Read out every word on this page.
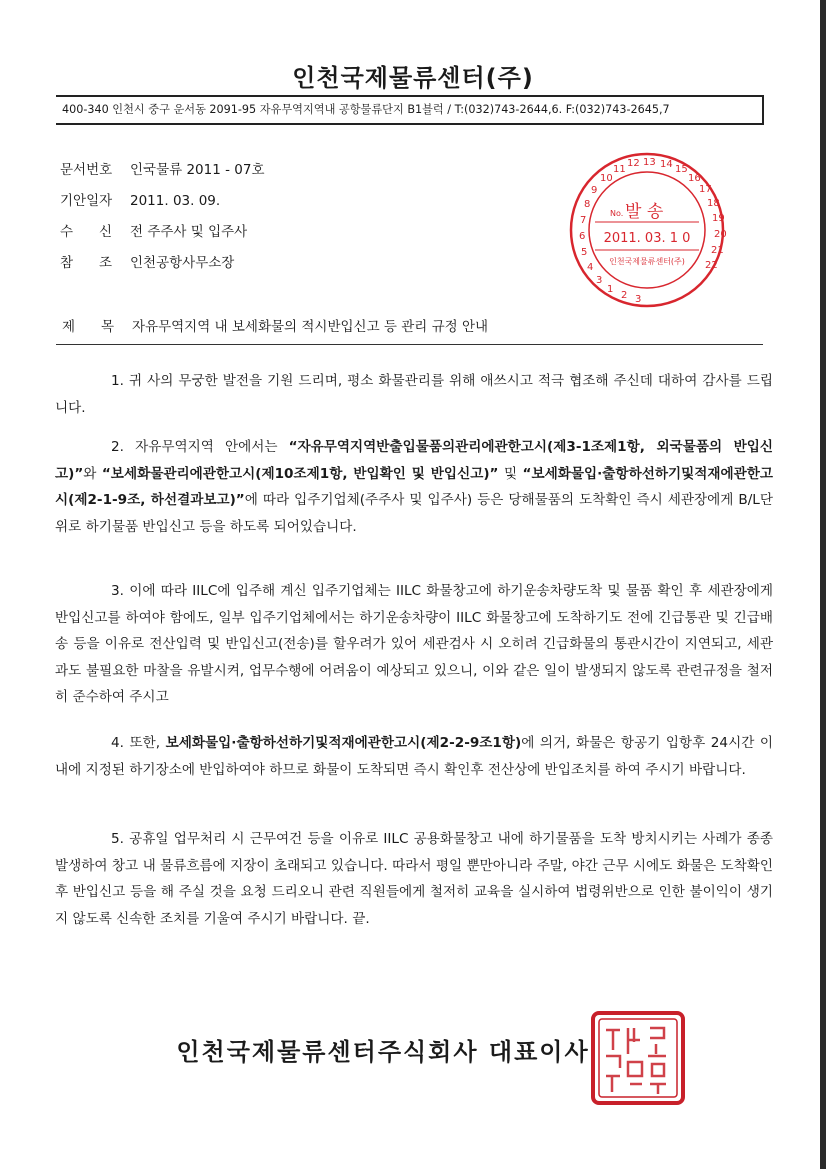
인천국제물류센터(주)
400-340 인천시 중구 운서동 2091-95 자유무역지역내 공항물류단지 B1블럭 / T:(032)743-2644,6. F:(032)743-2645,7
문서번호 인국물류 2011 - 07호
기안일자 2011. 03. 09.
수신전 주주사 및 입주사
참조인천공항사무소장
제목자유무역지역 내 보세화물의 적시반입신고 등 관리 규정 안내
13 14 15
16
17
18
19
20
21
22
12
11
10
9
8
7
6
5
4
3
1
2 3
No. 발 송
2011. 03. 1 0
인천국제물류센터(주)
1. 귀 사의 무궁한 발전을 기원 드리며, 평소 화물관리를 위해 애쓰시고 적극 협조해 주신데 대하여 감사를 드립니다.
2. 자유무역지역 안에서는 “자유무역지역반출입물품의관리에관한고시(제3-1조제1항, 외국물품의 반입신고)”와 “보세화물관리에관한고시(제10조제1항, 반입확인 및 반입신고)” 및 “보세화물입·출항하선하기및적재에관한고시(제2-1-9조, 하선결과보고)”에 따라 입주기업체(주주사 및 입주사) 등은 당해물품의 도착확인 즉시 세관장에게 B/L단위로 하기물품 반입신고 등을 하도록 되어있습니다.
3. 이에 따라 IILC에 입주해 계신 입주기업체는 IILC 화물창고에 하기운송차량도착 및 물품 확인 후 세관장에게 반입신고를 하여야 함에도, 일부 입주기업체에서는 하기운송차량이 IILC 화물창고에 도착하기도 전에 긴급통관 및 긴급배송 등을 이유로 전산입력 및 반입신고(전송)를 할우려가 있어 세관검사 시 오히려 긴급화물의 통관시간이 지연되고, 세관과도 불필요한 마찰을 유발시켜, 업무수행에 어려움이 예상되고 있으니, 이와 같은 일이 발생되지 않도록 관련규정을 철저히 준수하여 주시고
4. 또한, 보세화물입·출항하선하기및적재에관한고시(제2-2-9조1항)에 의거, 화물은 항공기 입항후 24시간 이내에 지정된 하기장소에 반입하여야 하므로 화물이 도착되면 즉시 확인후 전산상에 반입조치를 하여 주시기 바랍니다.
5. 공휴일 업무처리 시 근무여건 등을 이유로 IILC 공용화물창고 내에 하기물품을 도착 방치시키는 사례가 종종 발생하여 창고 내 물류흐름에 지장이 초래되고 있습니다. 따라서 평일 뿐만아니라 주말, 야간 근무 시에도 화물은 도착확인 후 반입신고 등을 해 주실 것을 요청 드리오니 관련 직원들에게 철저히 교육을 실시하여 법령위반으로 인한 불이익이 생기지 않도록 신속한 조치를 기울여 주시기 바랍니다. 끝.
인천국제물류센터주식회사 대표이사
